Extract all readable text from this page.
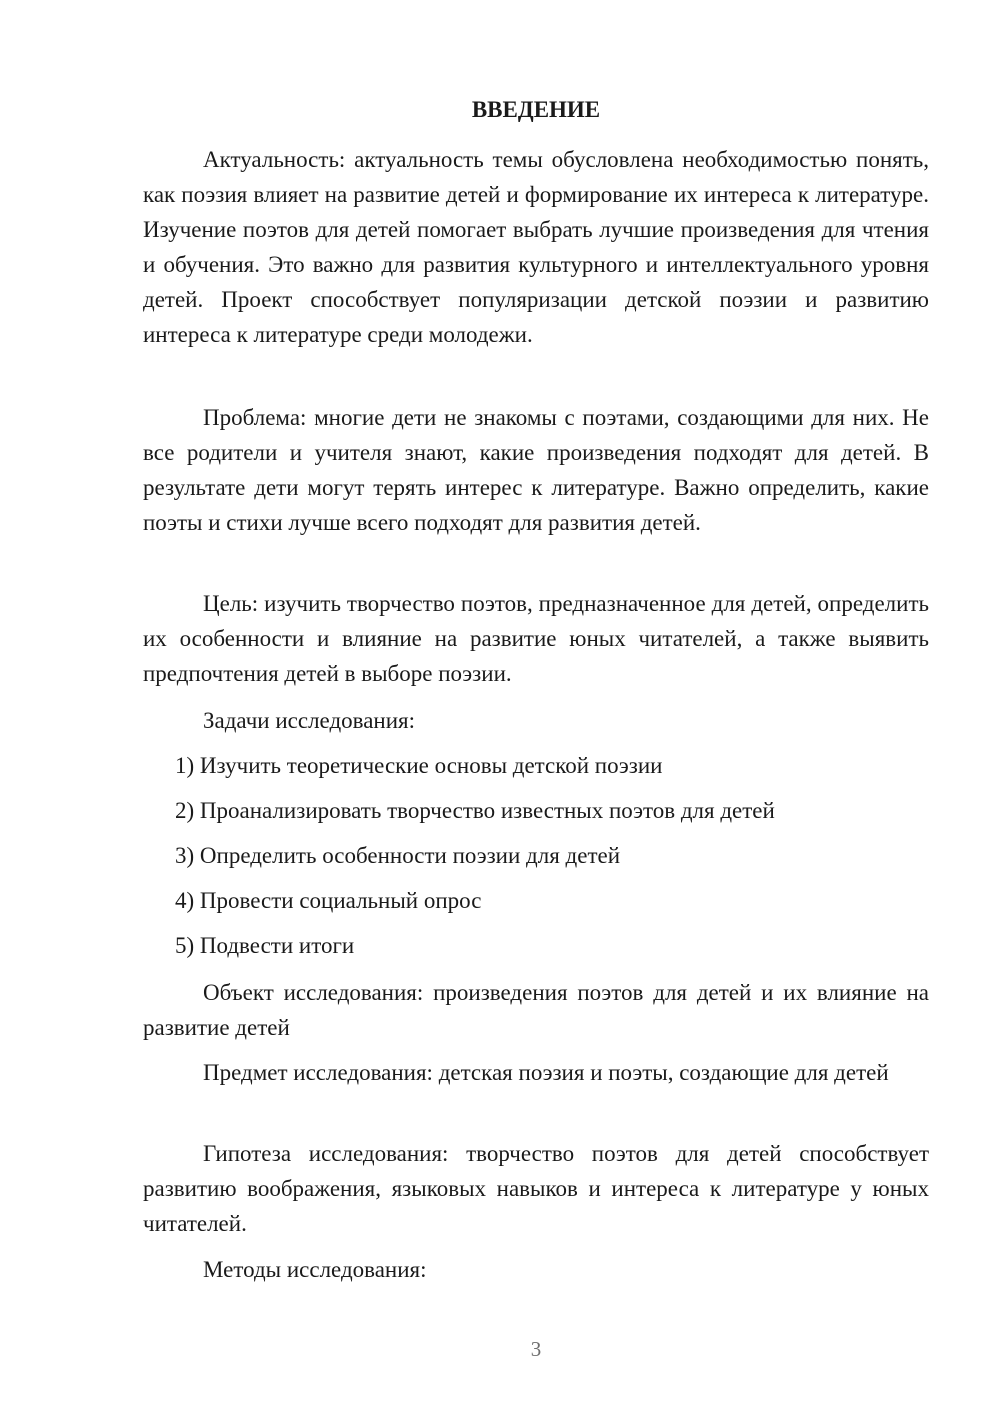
ВВЕДЕНИЕ

Актуальность: актуальность темы обусловлена необходимостью понять, как поэзия влияет на развитие детей и формирование их интереса к литературе. Изучение поэтов для детей помогает выбрать лучшие произведения для чтения и обучения. Это важно для развития культурного и интеллектуального уровня детей. Проект способствует популяризации детской поэзии и развитию интереса к литературе среди молодежи.

Проблема: многие дети не знакомы с поэтами, создающими для них. Не все родители и учителя знают, какие произведения подходят для детей. В результате дети могут терять интерес к литературе. Важно определить, какие поэты и стихи лучше всего подходят для развития детей.

Цель: изучить творчество поэтов, предназначенное для детей, определить их особенности и влияние на развитие юных читателей, а также выявить предпочтения детей в выборе поэзии.

Задачи исследования:

1) Изучить теоретические основы детской поэзии

2) Проанализировать творчество известных поэтов для детей

3) Определить особенности поэзии для детей

4) Провести социальный опрос

5) Подвести итоги

Объект исследования: произведения поэтов для детей и их влияние на развитие детей

Предмет исследования: детская поэзия и поэты, создающие для детей

Гипотеза исследования: творчество поэтов для детей способствует развитию воображения, языковых навыков и интереса к литературе у юных читателей.

Методы исследования:

3
